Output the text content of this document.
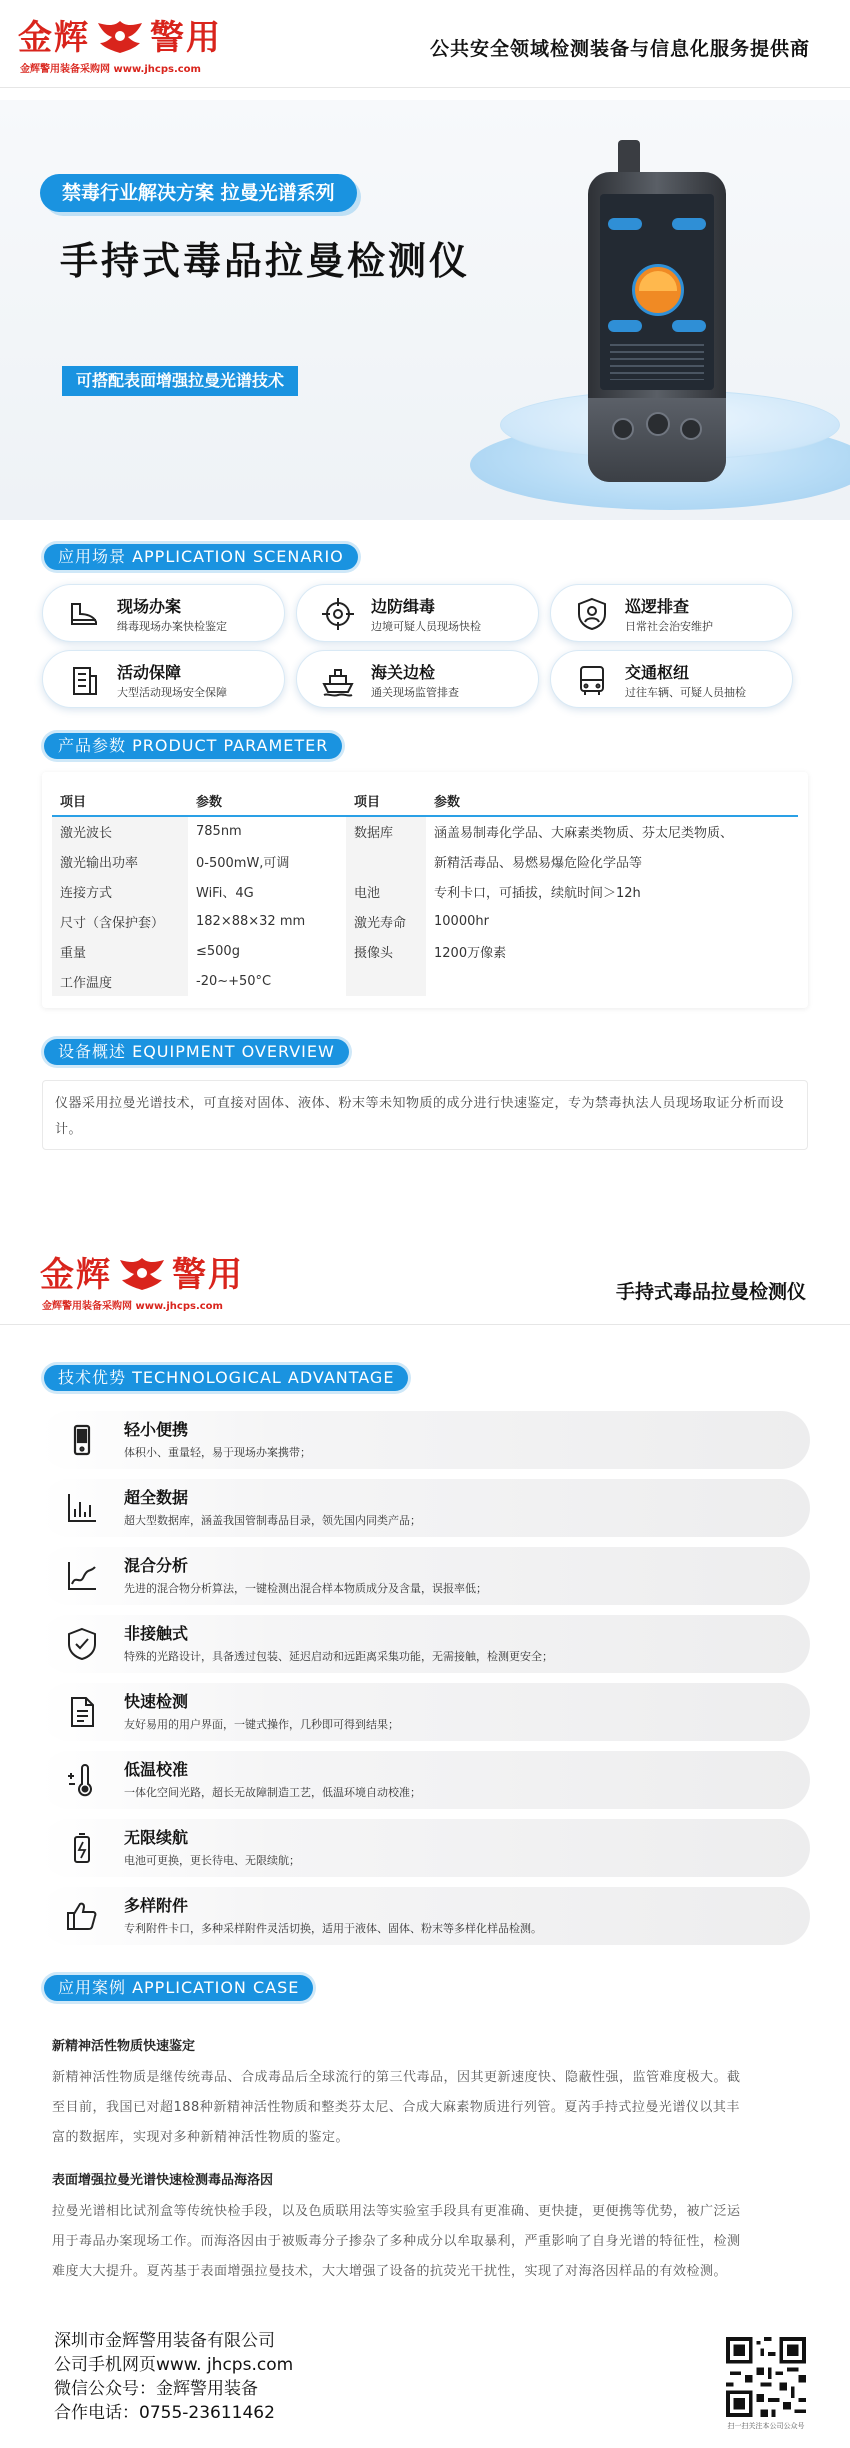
金辉 警用
金辉警用装备采购网 www.jhcps.com
公共安全领域检测装备与信息化服务提供商
禁毒行业解决方案 拉曼光谱系列
手持式毒品拉曼检测仪
可搭配表面增强拉曼光谱技术
应用场景 APPLICATION SCENARIO
现场办案
缉毒现场办案快检鉴定
边防缉毒
边境可疑人员现场快检
巡逻排查
日常社会治安维护
活动保障
大型活动现场安全保障
海关边检
通关现场监管排查
交通枢纽
过往车辆、可疑人员抽检
产品参数 PRODUCT PARAMETER
项目	参数	项目	参数
激光波长	785nm	数据库	涵盖易制毒化学品、大麻素类物质、芬太尼类物质、
激光输出功率	0-500mW,可调		新精活毒品、易燃易爆危险化学品等
连接方式	WiFi、4G	电池	专利卡口，可插拔，续航时间＞12h
尺寸（含保护套）	182×88×32 mm	激光寿命	10000hr
重量	≤500g	摄像头	1200万像素
工作温度	-20~+50°C		
设备概述 EQUIPMENT OVERVIEW
仪器采用拉曼光谱技术，可直接对固体、液体、粉末等未知物质的成分进行快速鉴定，专为禁毒执法人员现场取证分析而设计。
金辉 警用
金辉警用装备采购网 www.jhcps.com
手持式毒品拉曼检测仪
技术优势 TECHNOLOGICAL ADVANTAGE
轻小便携
体积小、重量轻，易于现场办案携带；
超全数据
超大型数据库，涵盖我国管制毒品目录，领先国内同类产品；
混合分析
先进的混合物分析算法，一键检测出混合样本物质成分及含量，误报率低；
非接触式
特殊的光路设计，具备透过包装、延迟启动和远距离采集功能，无需接触，检测更安全；
快速检测
友好易用的用户界面，一键式操作，几秒即可得到结果；
低温校准
一体化空间光路，超长无故障制造工艺，低温环境自动校准；
无限续航
电池可更换，更长待电、无限续航；
多样附件
专利附件卡口，多种采样附件灵活切换，适用于液体、固体、粉末等多样化样品检测。
应用案例 APPLICATION CASE
新精神活性物质快速鉴定
新精神活性物质是继传统毒品、合成毒品后全球流行的第三代毒品，因其更新速度快、隐蔽性强，监管难度极大。截
至目前，我国已对超188种新精神活性物质和整类芬太尼、合成大麻素物质进行列管。夏芮手持式拉曼光谱仪以其丰
富的数据库，实现对多种新精神活性物质的鉴定。
表面增强拉曼光谱快速检测毒品海洛因
拉曼光谱相比试剂盒等传统快检手段，以及色质联用法等实验室手段具有更准确、更快捷，更便携等优势，被广泛运
用于毒品办案现场工作。而海洛因由于被贩毒分子掺杂了多种成分以牟取暴利，严重影响了自身光谱的特征性，检测
难度大大提升。夏芮基于表面增强拉曼技术，大大增强了设备的抗荧光干扰性，实现了对海洛因样品的有效检测。
深圳市金辉警用装备有限公司
公司手机网页www. jhcps.com
微信公众号：金辉警用装备
合作电话：0755-23611462
扫一扫关注本公司公众号
